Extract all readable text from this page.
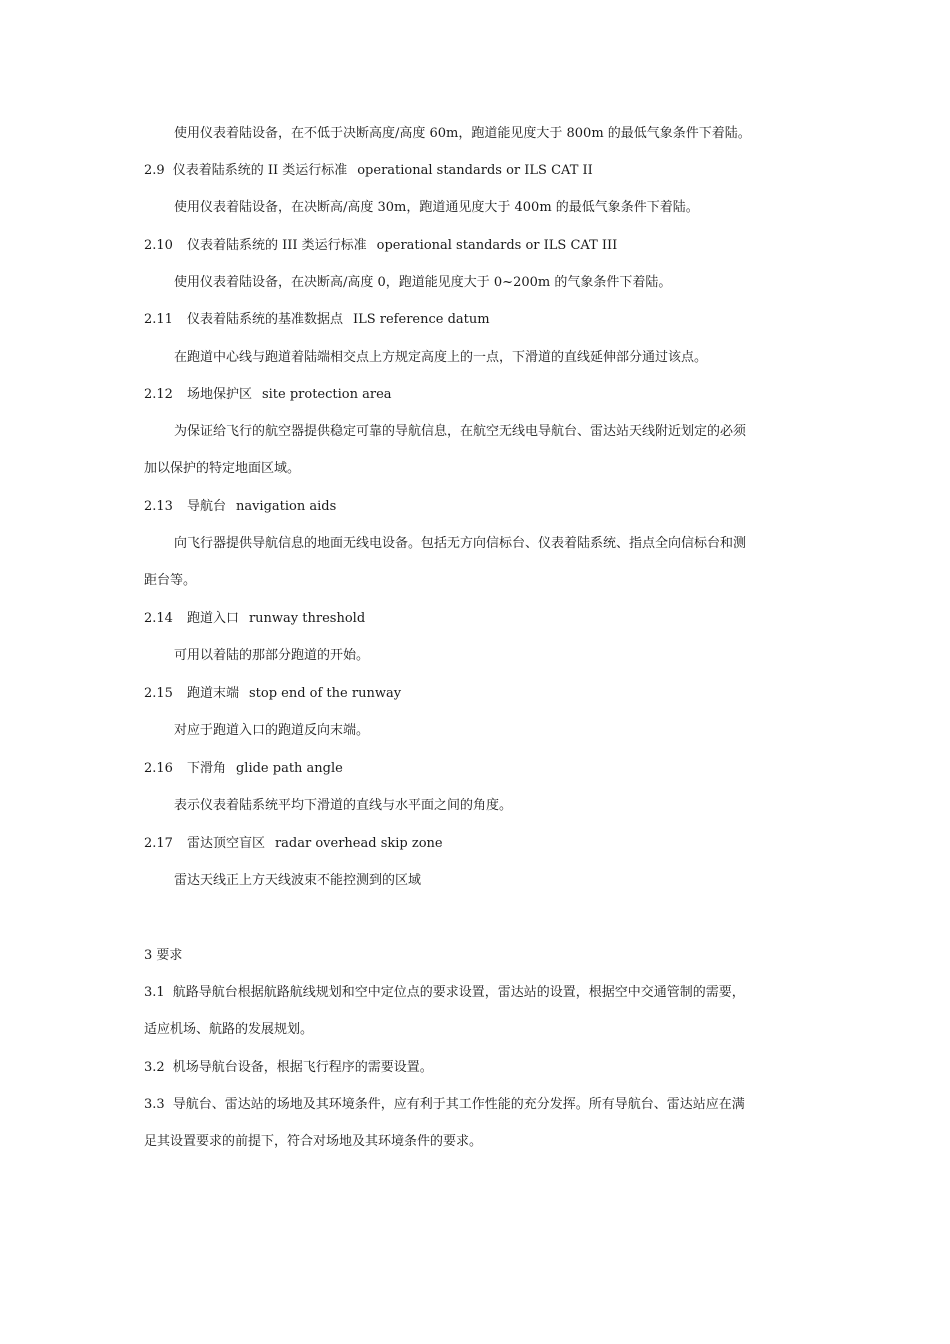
使用仪表着陆设备，在不低于决断高度/高度 60m，跑道能见度大于 800m 的最低气象条件下着陆。
2.9 仪表着陆系统的 II 类运行标准 operational standards or ILS CAT II
使用仪表着陆设备，在决断高/高度 30m，跑道通见度大于 400m 的最低气象条件下着陆。
2.10 仪表着陆系统的 III 类运行标准 operational standards or ILS CAT III
使用仪表着陆设备，在决断高/高度 0，跑道能见度大于 0~200m 的气象条件下着陆。
2.11 仪表着陆系统的基准数据点 ILS reference datum
在跑道中心线与跑道着陆端相交点上方规定高度上的一点，下滑道的直线延伸部分通过该点。
2.12 场地保护区 site protection area
为保证给飞行的航空器提供稳定可靠的导航信息，在航空无线电导航台、雷达站天线附近划定的必须
加以保护的特定地面区域。
2.13 导航台 navigation aids
向飞行器提供导航信息的地面无线电设备。包括无方向信标台、仪表着陆系统、指点全向信标台和测
距台等。
2.14 跑道入口 runway threshold
可用以着陆的那部分跑道的开始。
2.15 跑道末端 stop end of the runway
对应于跑道入口的跑道反向末端。
2.16 下滑角 glide path angle
表示仪表着陆系统平均下滑道的直线与水平面之间的角度。
2.17 雷达顶空盲区 radar overhead skip zone
雷达天线正上方天线波束不能控测到的区域
3 要求
3.1 航路导航台根据航路航线规划和空中定位点的要求设置，雷达站的设置，根据空中交通管制的需要，
适应机场、航路的发展规划。
3.2 机场导航台设备，根据飞行程序的需要设置。
3.3 导航台、雷达站的场地及其环境条件，应有利于其工作性能的充分发挥。所有导航台、雷达站应在满
足其设置要求的前提下，符合对场地及其环境条件的要求。
